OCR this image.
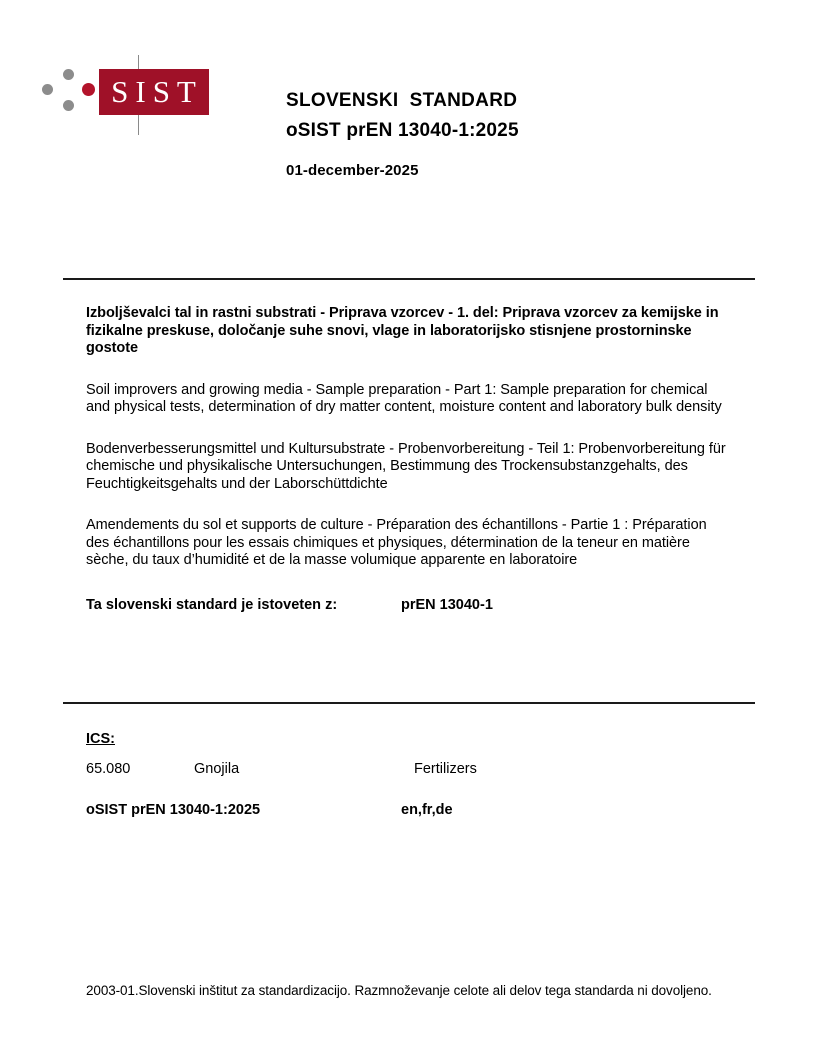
SIST	SLOVENSKI  STANDARD
oSIST prEN 13040-1:2025
01-december-2025
Izboljševalci tal in rastni substrati - Priprava vzorcev - 1. del: Priprava vzorcev za kemijske in fizikalne preskuse, določanje suhe snovi, vlage in laboratorijsko stisnjene prostorninske gostote
Soil improvers and growing media - Sample preparation - Part 1: Sample preparation for chemical and physical tests, determination of dry matter content, moisture content and laboratory bulk density
Bodenverbesserungsmittel und Kultursubstrate - Probenvorbereitung - Teil 1: Probenvorbereitung für chemische und physikalische Untersuchungen, Bestimmung des Trockensubstanzgehalts, des Feuchtigkeitsgehalts und der Laborschüttdichte
Amendements du sol et supports de culture - Préparation des échantillons - Partie 1 : Préparation des échantillons pour les essais chimiques et physiques, détermination de la teneur en matière sèche, du taux d’humidité et de la masse volumique apparente en laboratoire
Ta slovenski standard je istoveten z:	prEN 13040-1
ICS:
65.080	Gnojila	Fertilizers
oSIST prEN 13040-1:2025	en,fr,de
2003-01.Slovenski inštitut za standardizacijo. Razmnoževanje celote ali delov tega standarda ni dovoljeno.
